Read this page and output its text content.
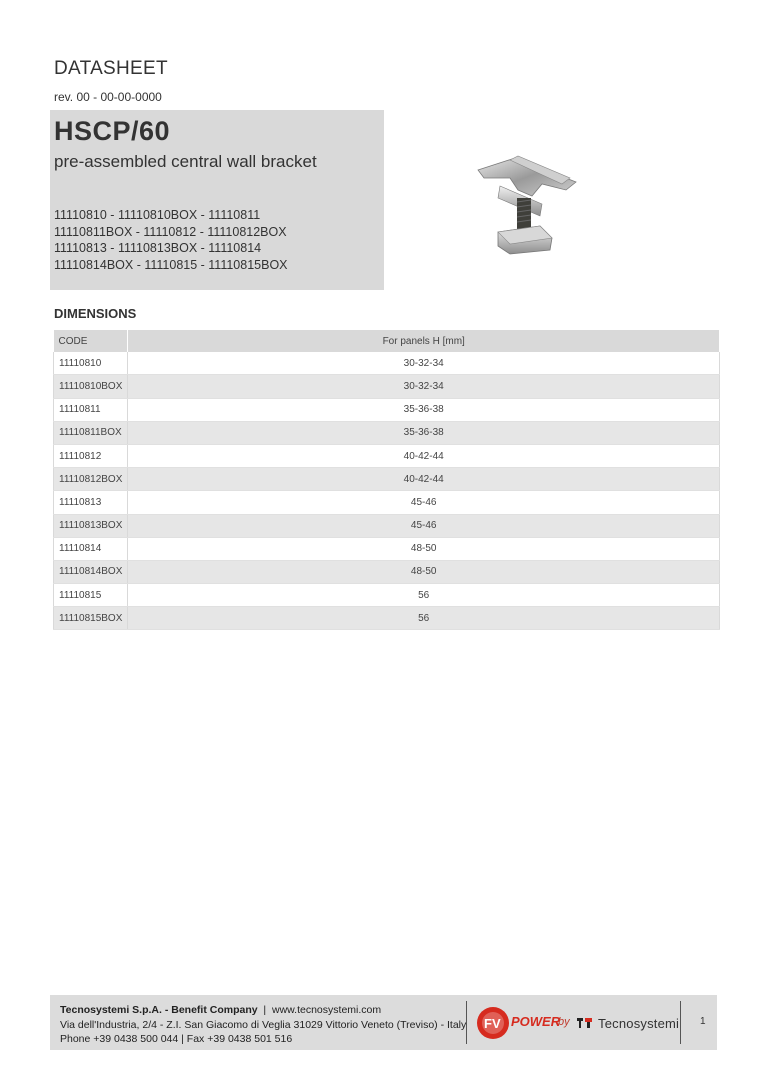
DATASHEET
rev. 00 - 00-00-0000
HSCP/60
pre-assembled central wall bracket
11110810 - 11110810BOX - 11110811
11110811BOX - 11110812 - 11110812BOX
11110813 - 11110813BOX - 11110814
11110814BOX - 11110815 - 11110815BOX
DIMENSIONS
CODE	For panels H [mm]
11110810	30-32-34
11110810BOX	30-32-34
11110811	35-36-38
11110811BOX	35-36-38
11110812	40-42-44
11110812BOX	40-42-44
11110813	45-46
11110813BOX	45-46
11110814	48-50
11110814BOX	48-50
11110815	56
11110815BOX	56
Tecnosystemi S.p.A. - Benefit Company  |  www.tecnosystemi.com
Via dell'Industria, 2/4 - Z.I. San Giacomo di Veglia 31029 Vittorio Veneto (Treviso) - Italy
Phone +39 0438 500 044 | Fax +39 0438 501 516
FV POWER
by Tecnosystemi 1
